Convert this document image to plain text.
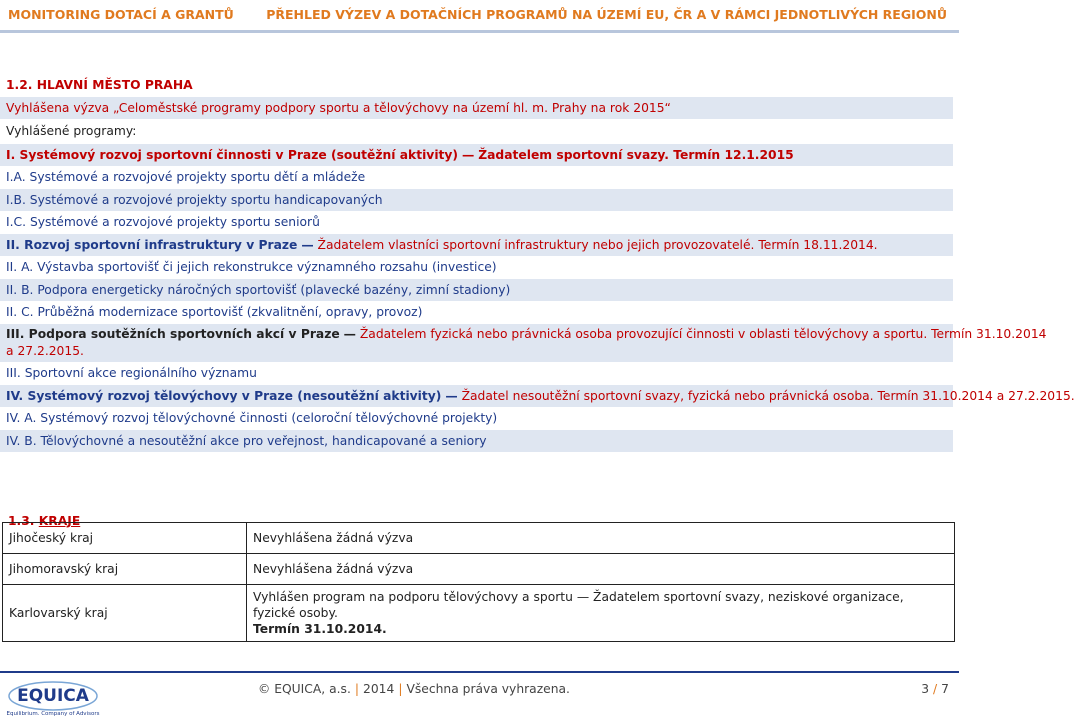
MONITORING DOTACÍ A GRANTŮ	PŘEHLED VÝZEV A DOTAČNÍCH PROGRAMŮ NA ÚZEMÍ EU, ČR A V RÁMCI JEDNOTLIVÝCH REGIONŮ
1.2. HLAVNÍ MĚSTO PRAHA
Vyhlášena výzva „Celoměstské programy podpory sportu a tělovýchovy na území hl. m. Prahy na rok 2015“
Vyhlášené programy:
I. Systémový rozvoj sportovní činnosti v Praze (soutěžní aktivity) — Žadatelem sportovní svazy. Termín 12.1.2015
I.A. Systémové a rozvojové projekty sportu dětí a mládeže
I.B. Systémové a rozvojové projekty sportu handicapovaných
I.C. Systémové a rozvojové projekty sportu seniorů
II. Rozvoj sportovní infrastruktury v Praze — Žadatelem vlastníci sportovní infrastruktury nebo jejich provozovatelé. Termín 18.11.2014.
II. A. Výstavba sportovišť či jejich rekonstrukce významného rozsahu (investice)
II. B. Podpora energeticky náročných sportovišť (plavecké bazény, zimní stadiony)
II. C. Průběžná modernizace sportovišť (zkvalitnění, opravy, provoz)
III. Podpora soutěžních sportovních akcí v Praze — Žadatelem fyzická nebo právnická osoba provozující činnosti v oblasti tělovýchovy a sportu. Termín 31.10.2014
a 27.2.2015.
III. Sportovní akce regionálního významu
IV. Systémový rozvoj tělovýchovy v Praze (nesoutěžní aktivity) — Žadatel nesoutěžní sportovní svazy, fyzická nebo právnická osoba. Termín 31.10.2014 a 27.2.2015.
IV. A. Systémový rozvoj tělovýchovné činnosti (celoroční tělovýchovné projekty)
IV. B. Tělovýchovné a nesoutěžní akce pro veřejnost, handicapované a seniory
1.3. KRAJE
Jihočeský kraj	Nevyhlášena žádná výzva
Jihomoravský kraj	Nevyhlášena žádná výzva
Karlovarský kraj	Vyhlášen program na podporu tělovýchovy a sportu — Žadatelem sportovní svazy, neziskové organizace, fyzické osoby.
Termín 31.10.2014.
EQUICA
Equilibrium. Company of Advisors
© EQUICA, a.s. | 2014 | Všechna práva vyhrazena.	3 / 7
